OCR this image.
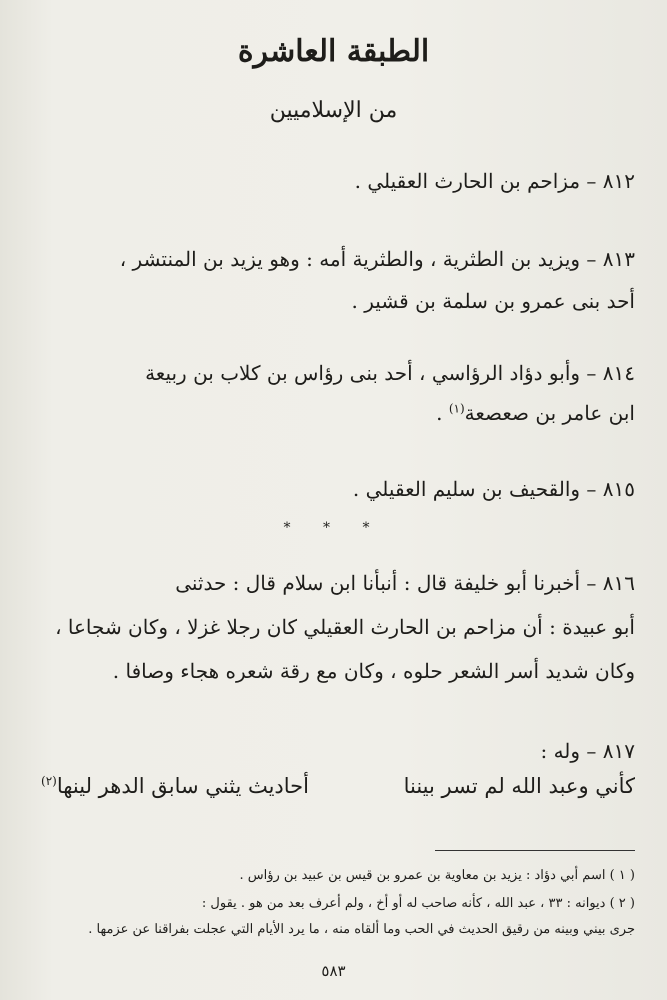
الطبقة العاشرة
من الإسلاميين
٨١٢ – مزاحم بن الحارث العقيلي .
٨١٣ – ويزيد بن الطثرية ، والطثرية أمه : وهو يزيد بن المنتشر ،
أحد بنى عمرو بن سلمة بن قشير .
٨١٤ – وأبو دؤاد الرؤاسي ، أحد بنى رؤاس بن كلاب بن ربيعة
ابن عامر بن صعصعة$^{(١)}$ .
٨١٥ – والقحيف بن سليم العقيلي .
* * *
٨١٦ – أخبرنا أبو خليفة قال : أنبأنا ابن سلام قال : حدثنى
أبو عبيدة : أن مزاحم بن الحارث العقيلي كان رجلا غزلا ، وكان شجاعا ،
وكان شديد أسر الشعر حلوه ، وكان مع رقة شعره هجاء وصافا .
٨١٧ – وله :
كأني وعبد الله لم تسر بيننا
أحاديث يثني سابق الدهر لينها$^{(٢)}$
( ١ ) اسم أبي دؤاد : يزيد بن معاوية بن عمرو بن قيس بن عبيد بن رؤاس .
( ٢ ) ديوانه : ٣٣ ، عبد الله ، كأنه صاحب له أو أخ ، ولم أعرف بعد من هو . يقول :
جرى بيني وبينه من رقيق الحديث في الحب وما ألقاه منه ، ما يرد الأيام التي عجلت بفراقنا عن عزمها .
٥٨٣
